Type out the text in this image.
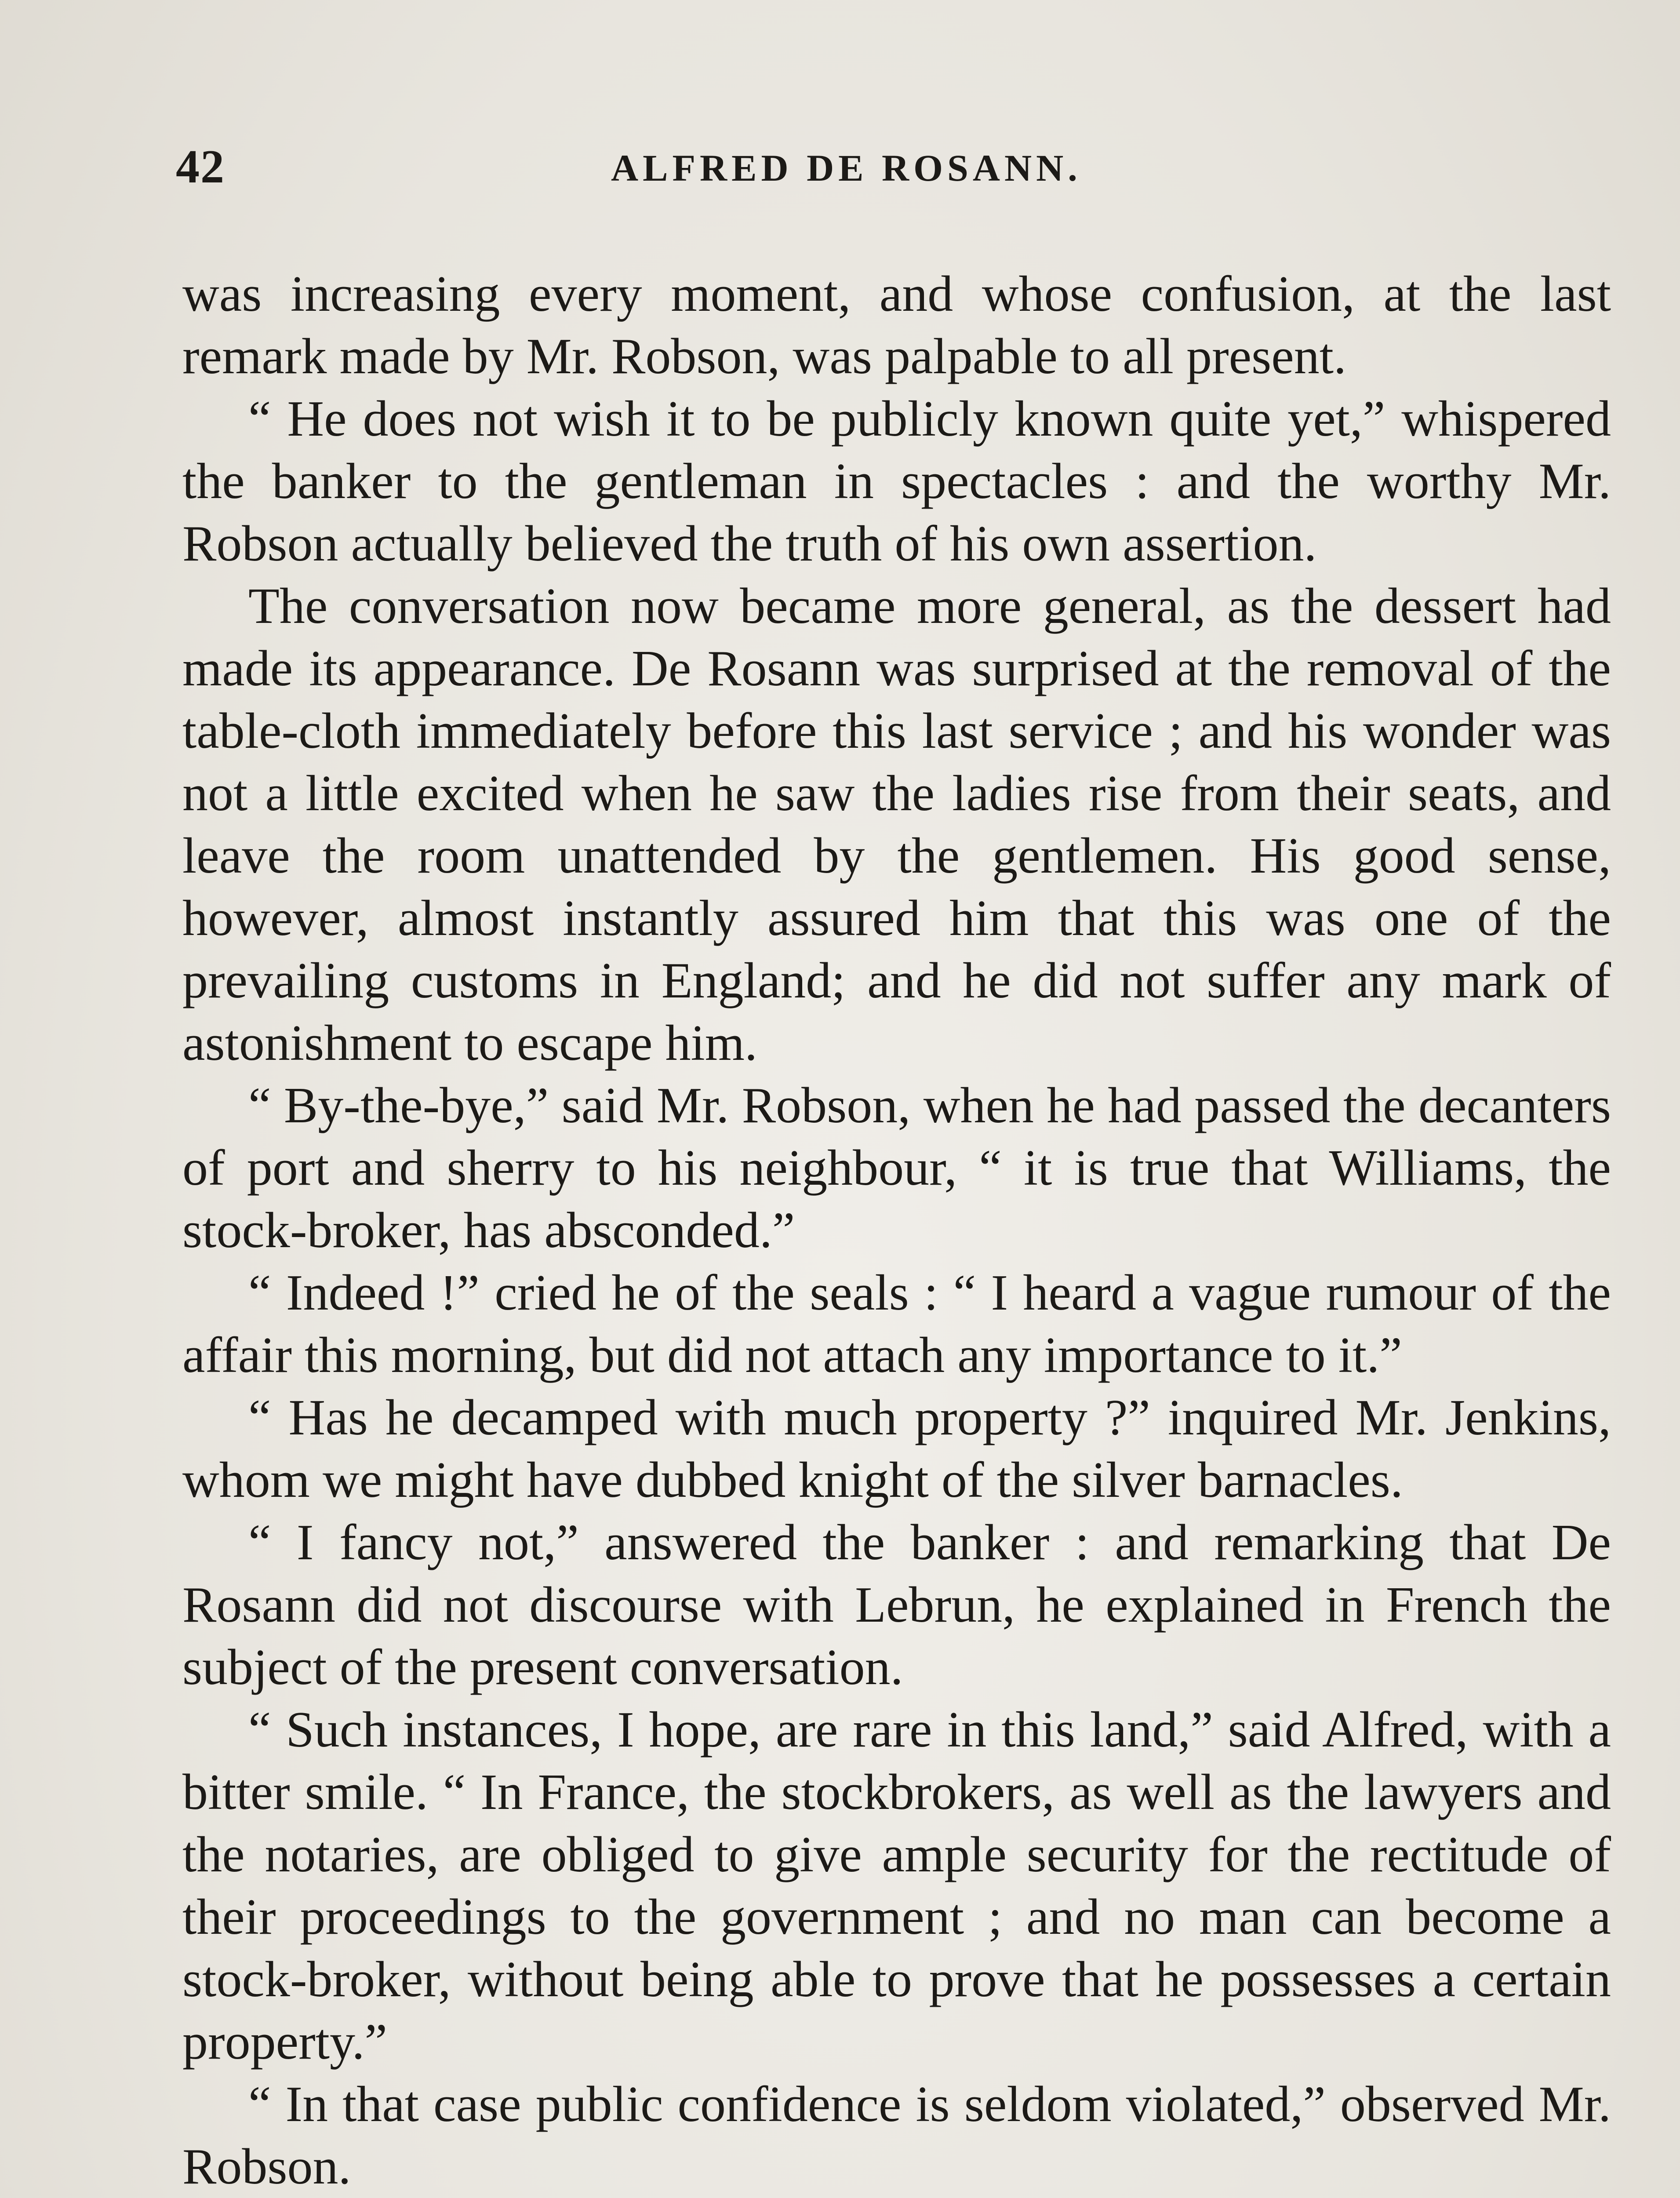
42	ALFRED DE ROSANN.

was increasing every moment, and whose confusion, at the last remark made by Mr. Robson, was palpable to all present.

“ He does not wish it to be publicly known quite yet,” whispered the banker to the gentleman in spectacles : and the worthy Mr. Robson actually believed the truth of his own assertion.

The conversation now became more general, as the dessert had made its appearance. De Rosann was surprised at the removal of the table-cloth immediately before this last service ; and his wonder was not a little excited when he saw the ladies rise from their seats, and leave the room unattended by the gentlemen. His good sense, however, almost instantly assured him that this was one of the prevailing customs in England; and he did not suffer any mark of astonishment to escape him.

“ By-the-bye,” said Mr. Robson, when he had passed the decanters of port and sherry to his neighbour, “ it is true that Williams, the stock-broker, has absconded.”

“ Indeed !” cried he of the seals : “ I heard a vague rumour of the affair this morning, but did not attach any importance to it.”

“ Has he decamped with much property ?” inquired Mr. Jenkins, whom we might have dubbed knight of the silver barnacles.

“ I fancy not,” answered the banker : and remarking that De Rosann did not discourse with Lebrun, he explained in French the subject of the present conversation.

“ Such instances, I hope, are rare in this land,” said Alfred, with a bitter smile. “ In France, the stockbrokers, as well as the lawyers and the notaries, are obliged to give ample security for the rectitude of their proceedings to the government ; and no man can become a stock-broker, without being able to prove that he possesses a certain property.”

“ In that case public confidence is seldom violated,” observed Mr. Robson.
